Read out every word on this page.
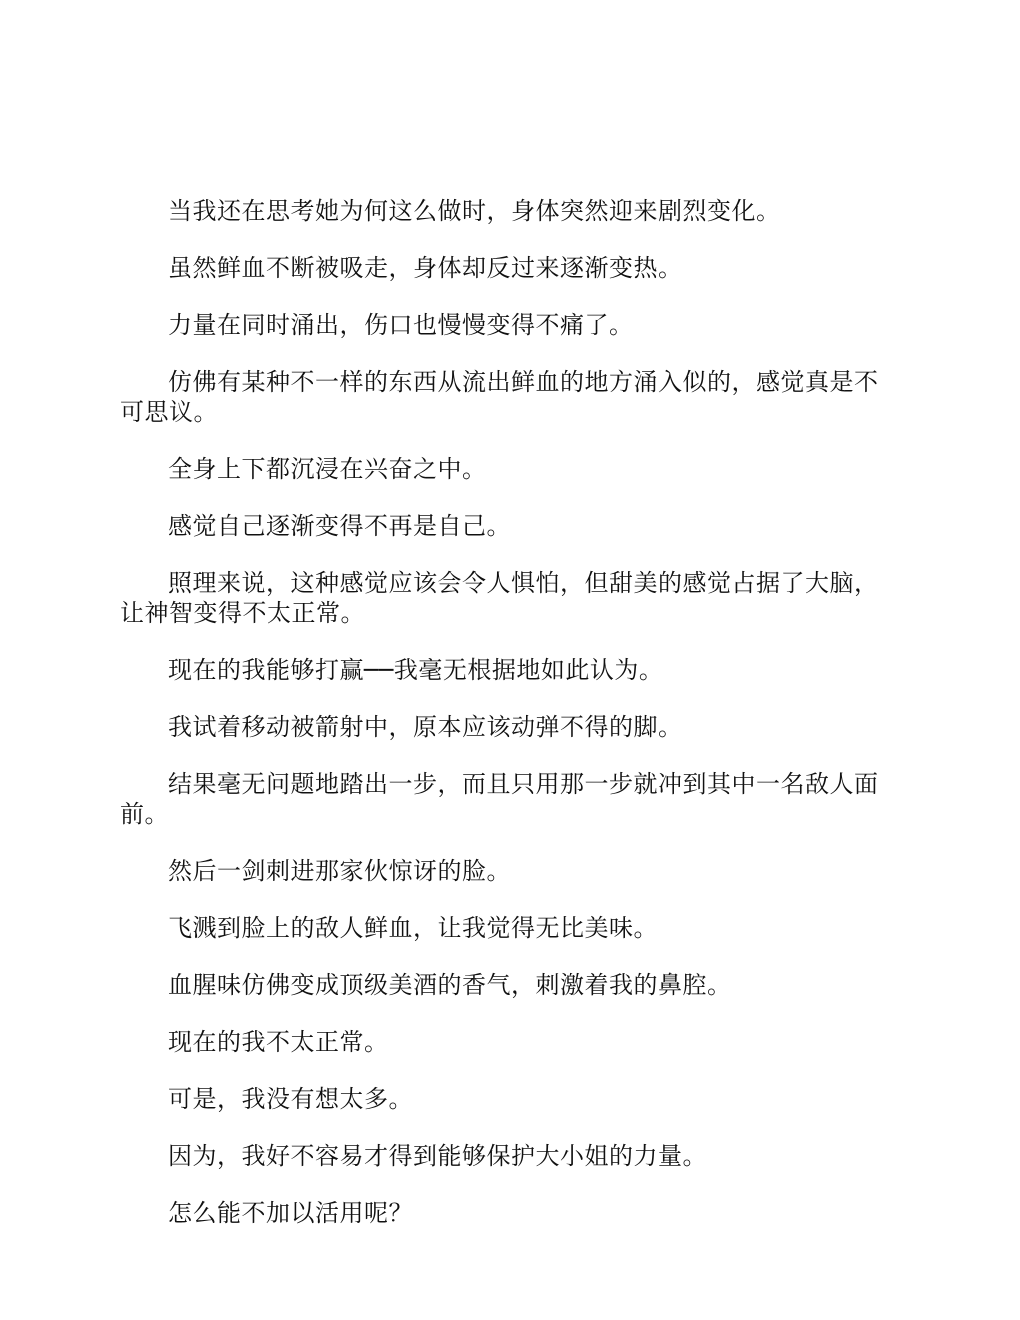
当我还在思考她为何这么做时，身体突然迎来剧烈变化。

虽然鲜血不断被吸走，身体却反过来逐渐变热。

力量在同时涌出，伤口也慢慢变得不痛了。

仿佛有某种不一样的东西从流出鲜血的地方涌入似的，感觉真是不可思议。

全身上下都沉浸在兴奋之中。

感觉自己逐渐变得不再是自己。

照理来说，这种感觉应该会令人惧怕，但甜美的感觉占据了大脑，让神智变得不太正常。

现在的我能够打赢──我毫无根据地如此认为。

我试着移动被箭射中，原本应该动弹不得的脚。

结果毫无问题地踏出一步，而且只用那一步就冲到其中一名敌人面前。

然后一剑刺进那家伙惊讶的脸。

飞溅到脸上的敌人鲜血，让我觉得无比美味。

血腥味仿佛变成顶级美酒的香气，刺激着我的鼻腔。

现在的我不太正常。

可是，我没有想太多。

因为，我好不容易才得到能够保护大小姐的力量。

怎么能不加以活用呢？
